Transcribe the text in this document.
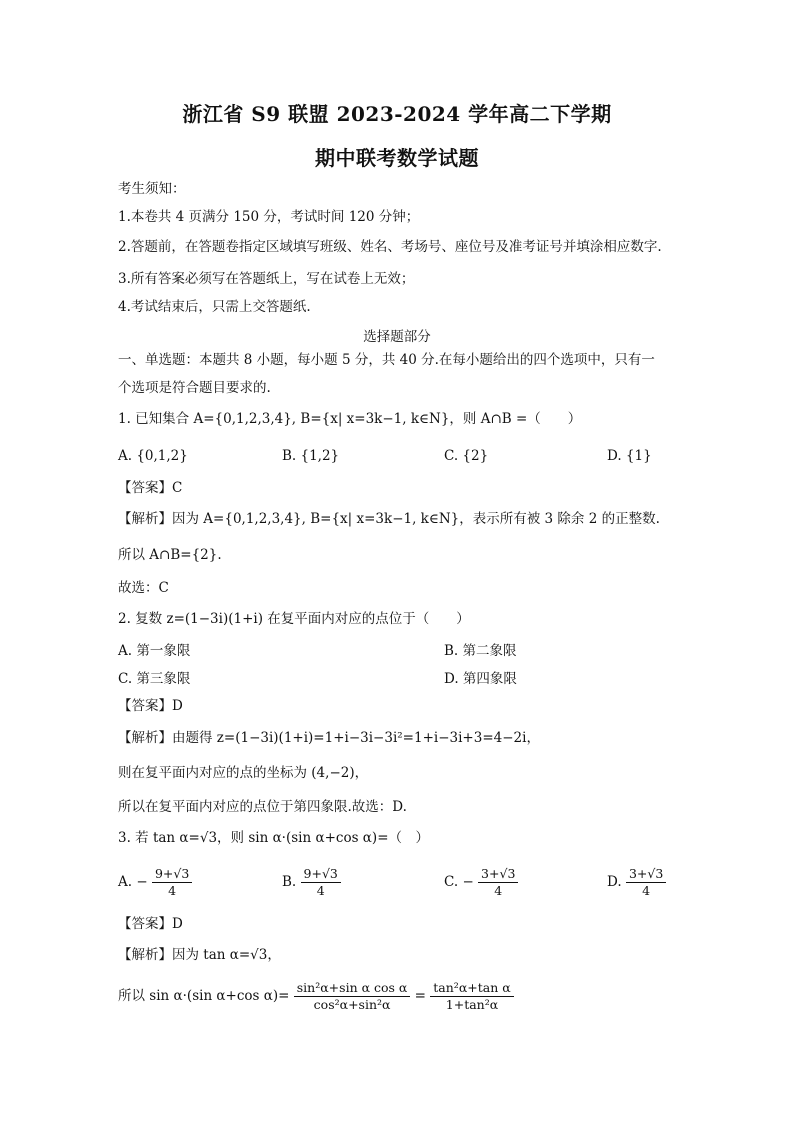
浙江省 S9 联盟 2023-2024 学年高二下学期
期中联考数学试题
考生须知：
1.本卷共 4 页满分 150 分，考试时间 120 分钟；
2.答题前，在答题卷指定区域填写班级、姓名、考场号、座位号及准考证号并填涂相应数字.
3.所有答案必须写在答题纸上，写在试卷上无效；
4.考试结束后，只需上交答题纸.
选择题部分
一、单选题：本题共 8 小题，每小题 5 分，共 40 分.在每小题给出的四个选项中，只有一
个选项是符合题目要求的.
1. 已知集合 A={0,1,2,3,4}, B={x| x=3k−1, k∈N}，则 A∩B =（　　）
A. {0,1,2}	B. {1,2}	C. {2}	D. {1}
【答案】C
【解析】因为 A={0,1,2,3,4}, B={x| x=3k−1, k∈N}，表示所有被 3 除余 2 的正整数.
所以 A∩B={2}.
故选：C
2. 复数 z=(1−3i)(1+i) 在复平面内对应的点位于（　　）
A. 第一象限	B. 第二象限
C. 第三象限	D. 第四象限
【答案】D
【解析】由题得 z=(1−3i)(1+i)=1+i−3i−3i²=1+i−3i+3=4−2i，
则在复平面内对应的点的坐标为 (4,−2)，
所以在复平面内对应的点位于第四象限.故选：D.
3. 若 tan α=√3，则 sin α·(sin α+cos α)=（　）
A. − $\frac{9+√3}{4}$	B. $\frac{9+√3}{4}$	C. − $\frac{3+√3}{4}$	D. $\frac{3+√3}{4}$
【答案】D
【解析】因为 tan α=√3，
所以 sin α·(sin α+cos $\alpha)= \frac{\text{sin²α+sin α cos α}}{\text{cos²α+sin²α}} = \frac{\text{tan²α+tan α}}{\text{1+tan²α}}$
